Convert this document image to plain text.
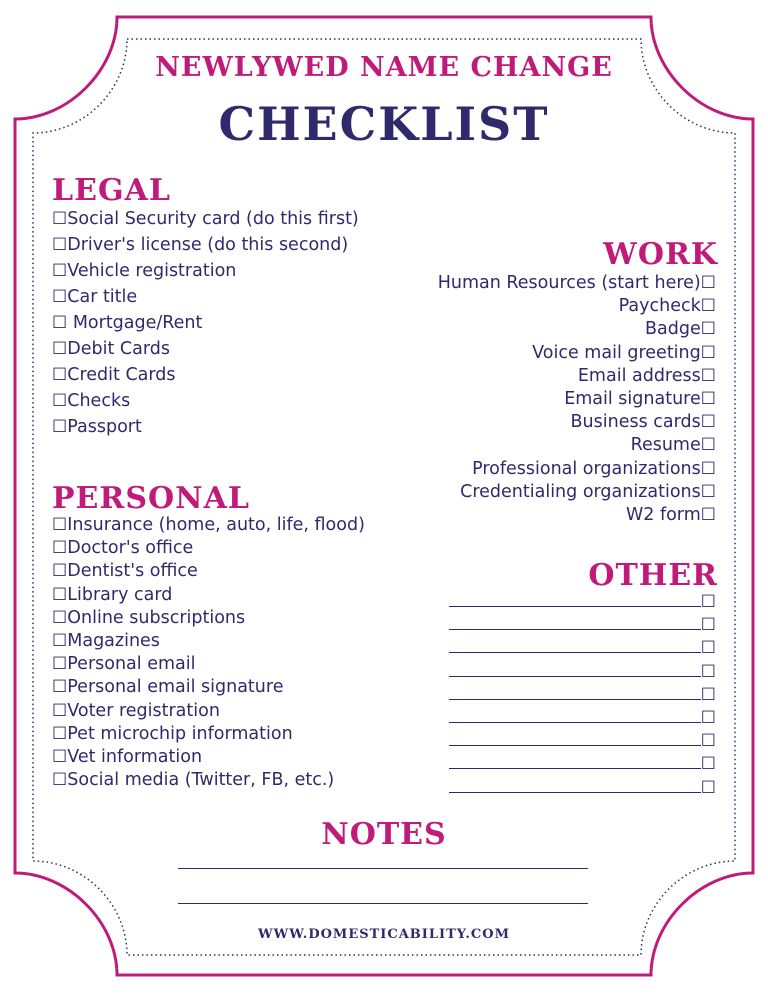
NEWLYWED NAME CHANGE
CHECKLIST
LEGAL
☐Social Security card (do this first)
☐Driver's license (do this second)
☐Vehicle registration
☐Car title
☐ Mortgage/Rent
☐Debit Cards
☐Credit Cards
☐Checks
☐Passport
PERSONAL
☐Insurance (home, auto, life, flood)
☐Doctor's office
☐Dentist's office
☐Library card
☐Online subscriptions
☐Magazines
☐Personal email
☐Personal email signature
☐Voter registration
☐Pet microchip information
☐Vet information
☐Social media (Twitter, FB, etc.)
WORK
Human Resources (start here)☐
Paycheck☐
Badge☐
Voice mail greeting☐
Email address☐
Email signature☐
Business cards☐
Resume☐
Professional organizations☐
Credentialing organizations☐
W2 form☐
OTHER
☐
☐
☐
☐
☐
☐
☐
☐
☐
NOTES
WWW.DOMESTICABILITY.COM
